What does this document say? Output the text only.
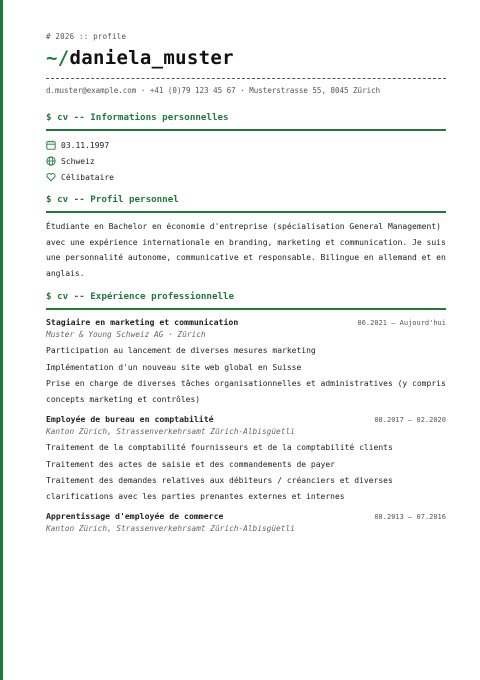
# 2026 :: profile
~/daniela_muster
d.muster@example.com · +41 (0)79 123 45 67 · Musterstrasse 55, 8045 Zürich
$ cv -- Informations personnelles
03.11.1997
Schweiz
Célibataire
$ cv -- Profil personnel
Étudiante en Bachelor en économie d'entreprise (spécialisation General Management) avec une expérience internationale en branding, marketing et communication. Je suis une personnalité autonome, communicative et responsable. Bilingue en allemand et en anglais.
$ cv -- Expérience professionnelle
Stagiaire en marketing et communication	06.2021 — Aujourd'hui
Muster & Young Schweiz AG · Zürich
Participation au lancement de diverses mesures marketing
Implémentation d'un nouveau site web global en Suisse
Prise en charge de diverses tâches organisationnelles et administratives (y compris concepts marketing et contrôles)
Employée de bureau en comptabilité	08.2017 — 02.2020
Kanton Zürich, Strassenverkehrsamt Zürich-Albisgüetli
Traitement de la comptabilité fournisseurs et de la comptabilité clients
Traitement des actes de saisie et des commandements de payer
Traitement des demandes relatives aux débiteurs / créanciers et diverses clarifications avec les parties prenantes externes et internes
Apprentissage d'employée de commerce	08.2013 — 07.2016
Kanton Zürich, Strassenverkehrsamt Zürich-Albisgüetli
